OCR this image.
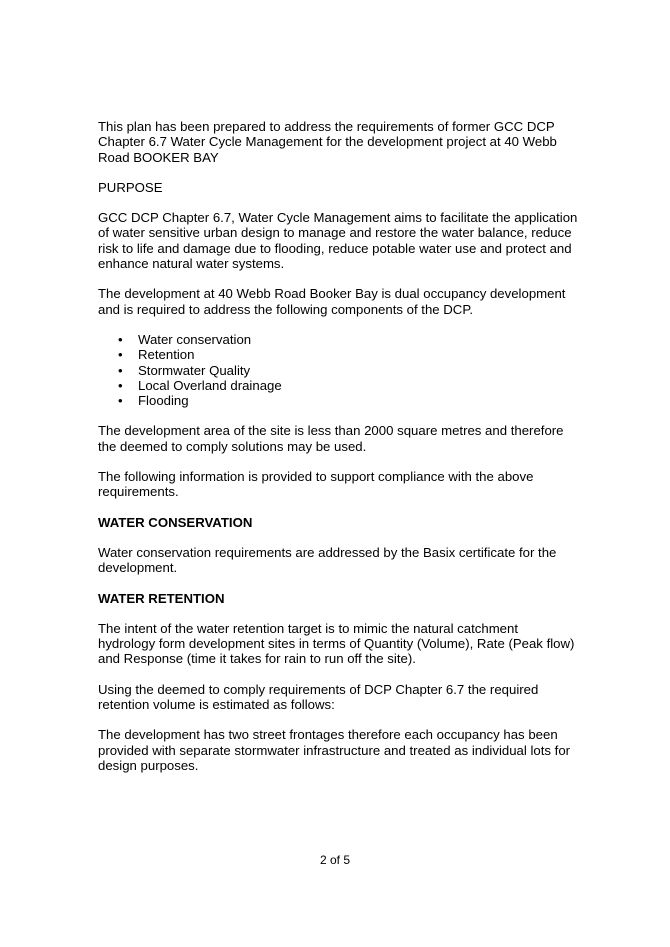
This plan has been prepared to address the requirements of former GCC DCP Chapter 6.7 Water Cycle Management for the development project at 40 Webb Road BOOKER BAY

PURPOSE

GCC DCP Chapter 6.7, Water Cycle Management aims to facilitate the application of water sensitive urban design to manage and restore the water balance, reduce risk to life and damage due to flooding, reduce potable water use and protect and enhance natural water systems.

The development at 40 Webb Road Booker Bay is dual occupancy development and is required to address the following components of the DCP.

• Water conservation
• Retention
• Stormwater Quality
• Local Overland drainage
• Flooding

The development area of the site is less than 2000 square metres and therefore the deemed to comply solutions may be used.

The following information is provided to support compliance with the above requirements.

WATER CONSERVATION

Water conservation requirements are addressed by the Basix certificate for the development.

WATER RETENTION

The intent of the water retention target is to mimic the natural catchment hydrology form development sites in terms of Quantity (Volume), Rate (Peak flow) and Response (time it takes for rain to run off the site).

Using the deemed to comply requirements of DCP Chapter 6.7 the required retention volume is estimated as follows:

The development has two street frontages therefore each occupancy has been provided with separate stormwater infrastructure and treated as individual lots for design purposes.

2 of 5
